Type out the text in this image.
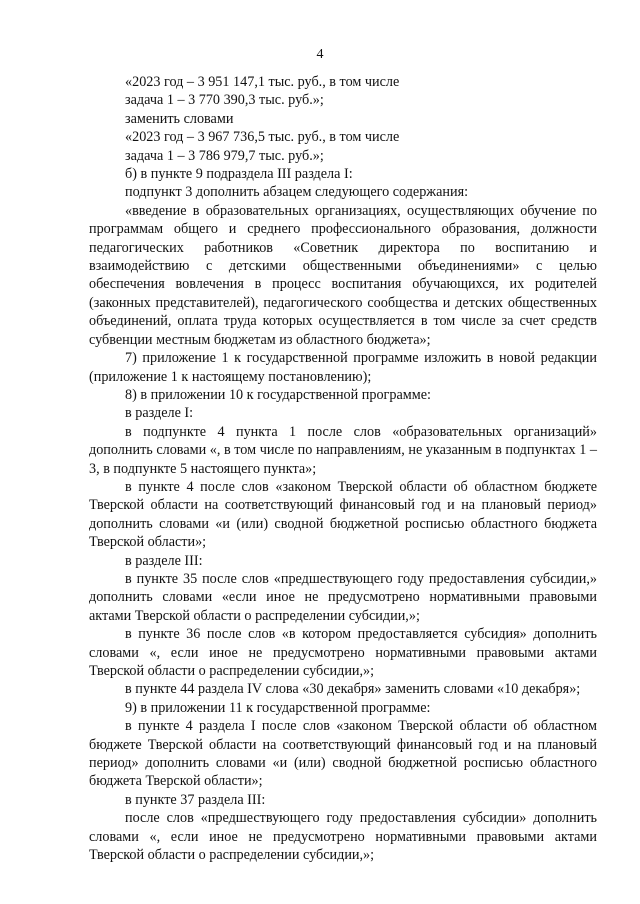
4

«2023 год – 3 951 147,1 тыс. руб., в том числе

задача 1 – 3 770 390,3 тыс. руб.»;

заменить словами

«2023 год – 3 967 736,5 тыс. руб., в том числе

задача 1 – 3 786 979,7 тыс. руб.»;

б) в пункте 9 подраздела III раздела I:

подпункт 3 дополнить абзацем следующего содержания:

«введение в образовательных организациях, осуществляющих обучение по программам общего и среднего профессионального образования, должности педагогических работников «Советник директора по воспитанию и взаимодействию с детскими общественными объединениями» с целью обеспечения вовлечения в процесс воспитания обучающихся, их родителей (законных представителей), педагогического сообщества и детских общественных объединений, оплата труда которых осуществляется в том числе за счет средств субвенции местным бюджетам из областного бюджета»;

7) приложение 1 к государственной программе изложить в новой редакции (приложение 1 к настоящему постановлению);

8) в приложении 10 к государственной программе:

в разделе I:

в подпункте 4 пункта 1 после слов «образовательных организаций» дополнить словами «, в том числе по направлениям, не указанным в подпунктах 1 – 3, в подпункте 5 настоящего пункта»;

в пункте 4 после слов «законом Тверской области об областном бюджете Тверской области на соответствующий финансовый год и на плановый период» дополнить словами «и (или) сводной бюджетной росписью областного бюджета Тверской области»;

в разделе III:

в пункте 35 после слов «предшествующего году предоставления субсидии,» дополнить словами «если иное не предусмотрено нормативными правовыми актами Тверской области о распределении субсидии,»;

в пункте 36 после слов «в котором предоставляется субсидия» дополнить словами «, если иное не предусмотрено нормативными правовыми актами Тверской области о распределении субсидии,»;

в пункте 44 раздела IV слова «30 декабря» заменить словами «10 декабря»;

9) в приложении 11 к государственной программе:

в пункте 4 раздела I после слов «законом Тверской области об областном бюджете Тверской области на соответствующий финансовый год и на плановый период» дополнить словами «и (или) сводной бюджетной росписью областного бюджета Тверской области»;

в пункте 37 раздела III:

после слов «предшествующего году предоставления субсидии» дополнить словами «, если иное не предусмотрено нормативными правовыми актами Тверской области о распределении субсидии,»;
